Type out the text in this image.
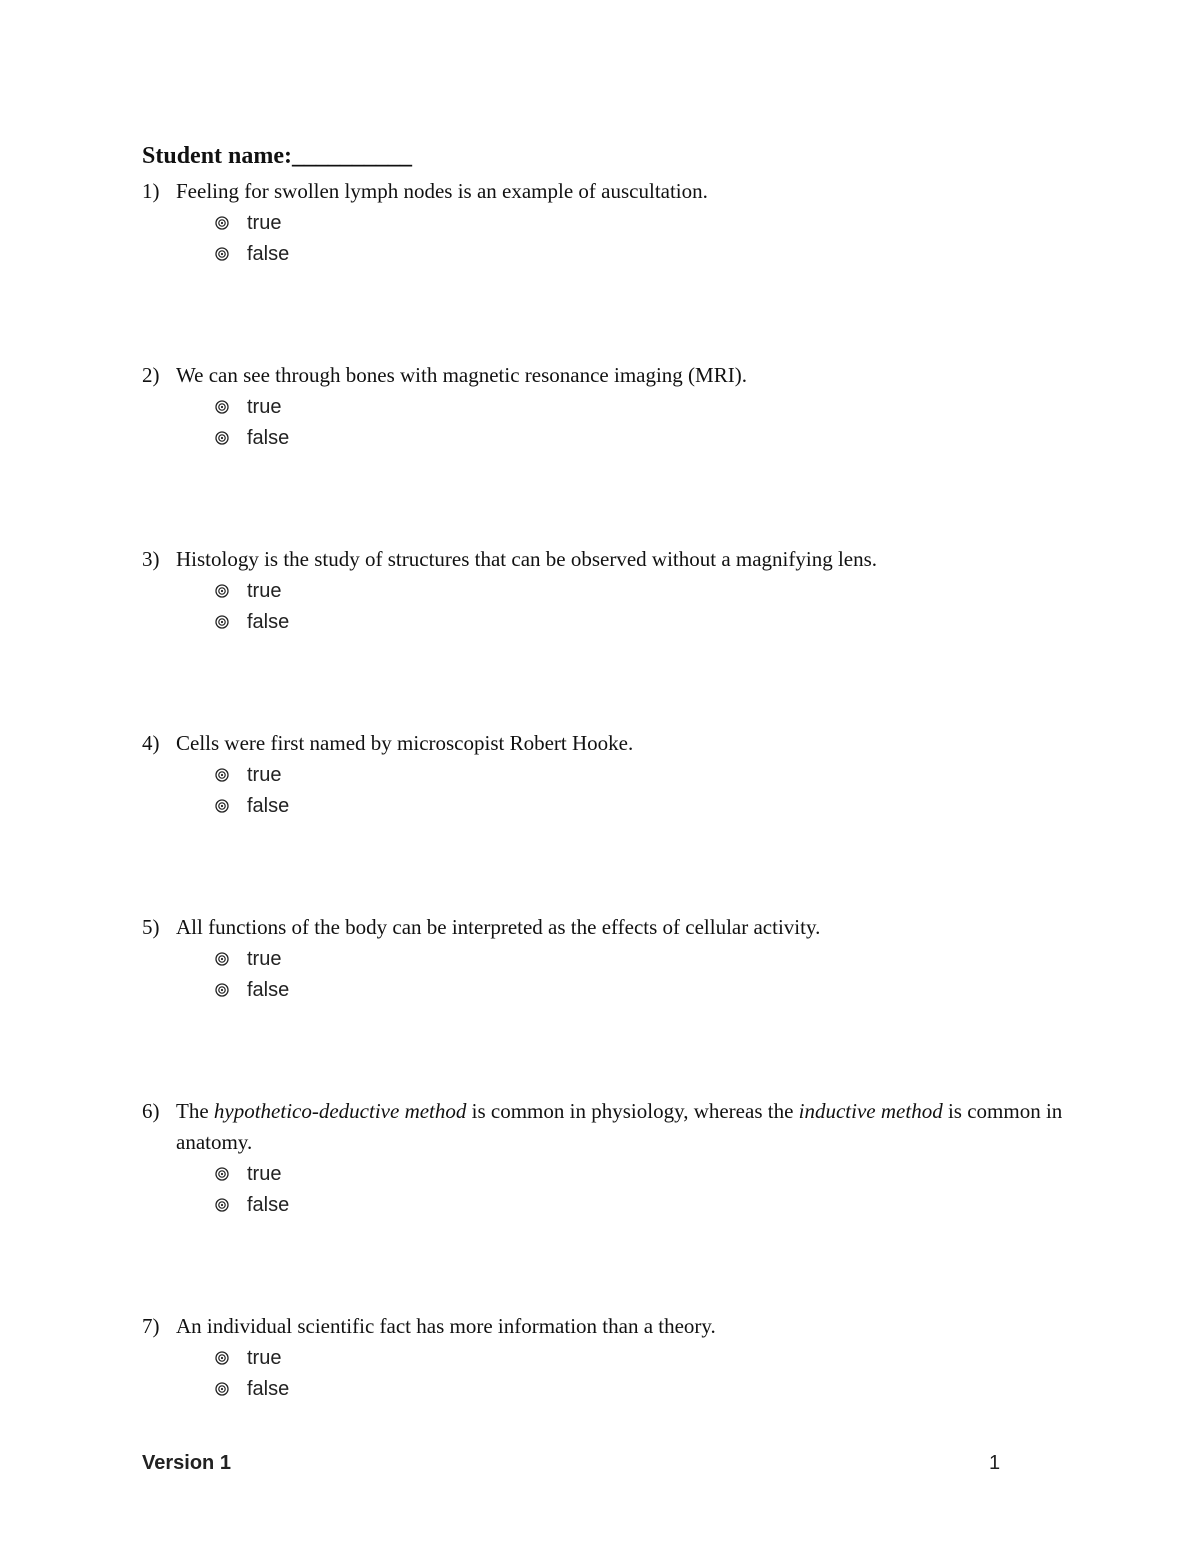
Student name:__________
1) Feeling for swollen lymph nodes is an example of auscultation.
true
false
2) We can see through bones with magnetic resonance imaging (MRI).
true
false
3) Histology is the study of structures that can be observed without a magnifying lens.
true
false
4) Cells were first named by microscopist Robert Hooke.
true
false
5) All functions of the body can be interpreted as the effects of cellular activity.
true
false
6) The hypothetico-deductive method is common in physiology, whereas the inductive method is common in anatomy.
true
false
7) An individual scientific fact has more information than a theory.
true
false
Version 1	1
